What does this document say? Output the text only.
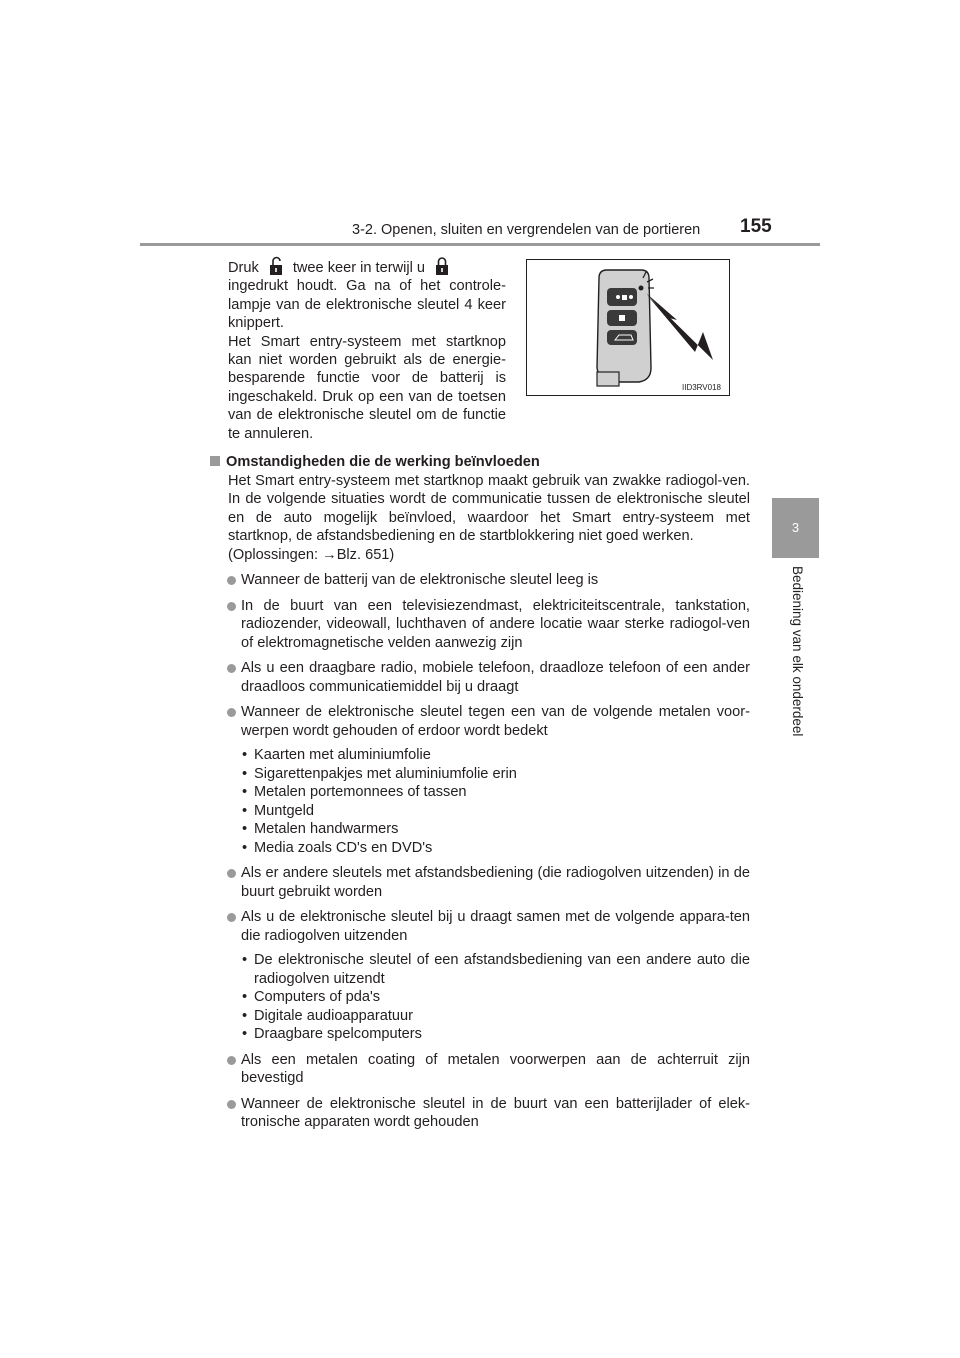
3-2. Openen, sluiten en vergrendelen van de portieren 155
3
Bediening van elk onderdeel
Druk twee keer in terwijl u
ingedrukt houdt. Ga na of het controle-lampje van de elektronische sleutel 4 keer knippert.
Het Smart entry-systeem met startknop kan niet worden gebruikt als de energie-besparende functie voor de batterij is ingeschakeld. Druk op een van de toetsen van de elektronische sleutel om de functie te annuleren.
IID3RV018
Omstandigheden die de werking beïnvloeden
Het Smart entry-systeem met startknop maakt gebruik van zwakke radiogol-ven. In de volgende situaties wordt de communicatie tussen de elektronische sleutel en de auto mogelijk beïnvloed, waardoor het Smart entry-systeem met startknop, de afstandsbediening en de startblokkering niet goed werken.
(Oplossingen: →Blz. 651)
Wanneer de batterij van de elektronische sleutel leeg is
In de buurt van een televisiezendmast, elektriciteitscentrale, tankstation, radiozender, videowall, luchthaven of andere locatie waar sterke radiogol-ven of elektromagnetische velden aanwezig zijn
Als u een draagbare radio, mobiele telefoon, draadloze telefoon of een ander draadloos communicatiemiddel bij u draagt
Wanneer de elektronische sleutel tegen een van de volgende metalen voor-werpen wordt gehouden of erdoor wordt bedekt
• Kaarten met aluminiumfolie
• Sigarettenpakjes met aluminiumfolie erin
• Metalen portemonnees of tassen
• Muntgeld
• Metalen handwarmers
• Media zoals CD's en DVD's
Als er andere sleutels met afstandsbediening (die radiogolven uitzenden) in de buurt gebruikt worden
Als u de elektronische sleutel bij u draagt samen met de volgende appara-ten die radiogolven uitzenden
• De elektronische sleutel of een afstandsbediening van een andere auto die radiogolven uitzendt
• Computers of pda's
• Digitale audioapparatuur
• Draagbare spelcomputers
Als een metalen coating of metalen voorwerpen aan de achterruit zijn bevestigd
Wanneer de elektronische sleutel in de buurt van een batterijlader of elek-tronische apparaten wordt gehouden
